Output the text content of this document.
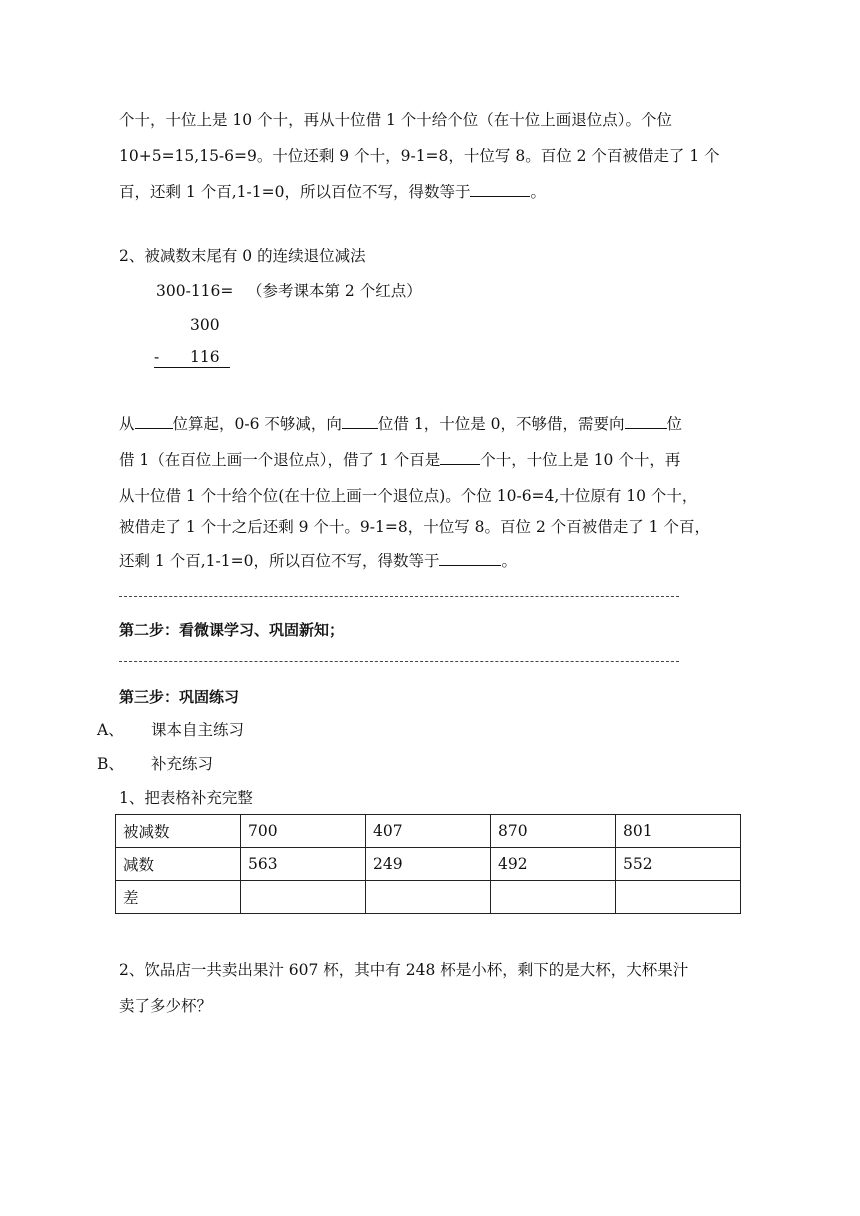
个十，十位上是 10 个十，再从十位借 1 个十给个位（在十位上画退位点）。个位
10+5=15,15-6=9。十位还剩 9 个十，9-1=8，十位写 8。百位 2 个百被借走了 1 个
百，还剩 1 个百,1-1=0，所以百位不写，得数等于	。
2、被减数末尾有 0 的连续退位减法
300-116= （参考课本第 2 个红点）
300
- 116
从 位算起，0-6 不够减，向 位借 1，十位是 0，不够借，需要向	位
借 1（在百位上画一个退位点），借了 1 个百是	个十，十位上是 10 个十，再
从十位借 1 个十给个位(在十位上画一个退位点)。个位 10-6=4,十位原有 10 个十，
被借走了 1 个十之后还剩 9 个十。9-1=8，十位写 8。百位 2 个百被借走了 1 个百，
还剩 1 个百,1-1=0，所以百位不写，得数等于	。
第二步：看微课学习、巩固新知；
第三步：巩固练习
A、 课本自主练习
B、 补充练习
1、把表格补充完整
被减数	700	407	870	801
减数	563	249	492	552
差				
2、饮品店一共卖出果汁 607 杯，其中有 248 杯是小杯，剩下的是大杯，大杯果汁
卖了多少杯？
